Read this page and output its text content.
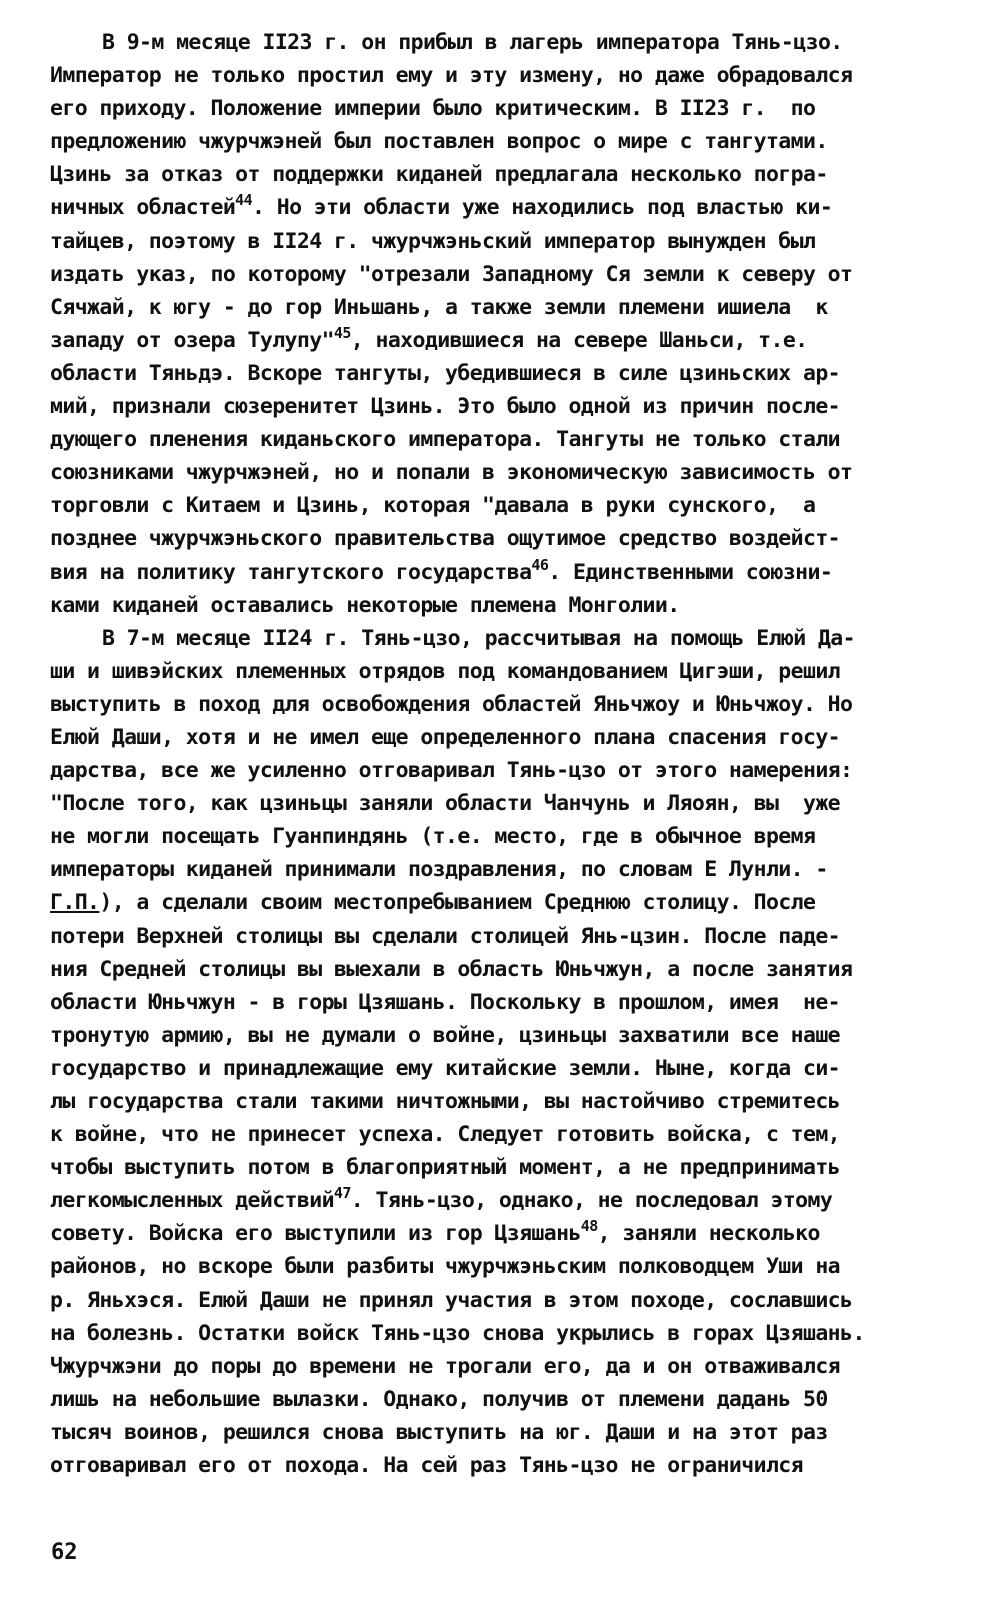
В 9-м месяце II23 г. он прибыл в лагерь императора Тянь-цзо.
Император не только простил ему и эту измену, но даже обрадовался
его приходу. Положение империи было критическим. В II23 г.  по
предложению чжурчжэней был поставлен вопрос о мире с тангутами.
Цзинь за отказ от поддержки киданей предлагала несколько погра-
ничных областей$^{44}$. Но эти области уже находились под властью ки-
тайцев, поэтому в II24 г. чжурчжэньский император вынужден был
издать указ, по которому "отрезали Западному Ся земли к северу от
Сячжай, к югу - до гор Иньшань, а также земли племени ишиела  к
западу от озера Тулупу"$^{45}$, находившиеся на севере Шаньси, т.е.
области Тяньдэ. Вскоре тангуты, убедившиеся в силе цзиньских ар-
мий, признали сюзеренитет Цзинь. Это было одной из причин после-
дующего пленения киданьского императора. Тангуты не только стали
союзниками чжурчжэней, но и попали в экономическую зависимость от
торговли с Китаем и Цзинь, которая "давала в руки сунского,  а
позднее чжурчжэньского правительства ощутимое средство воздейст-
вия на политику тангутского государства$^{46}$. Единственными союзни-
ками киданей оставались некоторые племена Монголии.
В 7-м месяце II24 г. Тянь-цзо, рассчитывая на помощь Елюй Да-
ши и шивэйских племенных отрядов под командованием Цигэши, решил
выступить в поход для освобождения областей Яньчжоу и Юньчжоу. Но
Елюй Даши, хотя и не имел еще определенного плана спасения госу-
дарства, все же усиленно отговаривал Тянь-цзо от этого намерения:
"После того, как цзиньцы заняли области Чанчунь и Ляоян, вы  уже
не могли посещать Гуанпиндянь (т.е. место, где в обычное время
императоры киданей принимали поздравления, по словам Е Лунли. -
Г.П.), а сделали своим местопребыванием Среднюю столицу. После
потери Верхней столицы вы сделали столицей Янь-цзин. После паде-
ния Средней столицы вы выехали в область Юньчжун, а после занятия
области Юньчжун - в горы Цзяшань. Поскольку в прошлом, имея  не-
тронутую армию, вы не думали о войне, цзиньцы захватили все наше
государство и принадлежащие ему китайские земли. Ныне, когда си-
лы государства стали такими ничтожными, вы настойчиво стремитесь
к войне, что не принесет успеха. Следует готовить войска, с тем,
чтобы выступить потом в благоприятный момент, а не предпринимать
легкомысленных действий$^{47}$. Тянь-цзо, однако, не последовал этому
совету. Войска его выступили из гор Цзяшань$^{48}$, заняли несколько
районов, но вскоре были разбиты чжурчжэньским полководцем Уши на
р. Яньхэся. Елюй Даши не принял участия в этом походе, сославшись
на болезнь. Остатки войск Тянь-цзо снова укрылись в горах Цзяшань.
Чжурчжэни до поры до времени не трогали его, да и он отваживался
лишь на небольшие вылазки. Однако, получив от племени дадань 50
тысяч воинов, решился снова выступить на юг. Даши и на этот раз
отговаривал его от похода. На сей раз Тянь-цзо не ограничился
62
